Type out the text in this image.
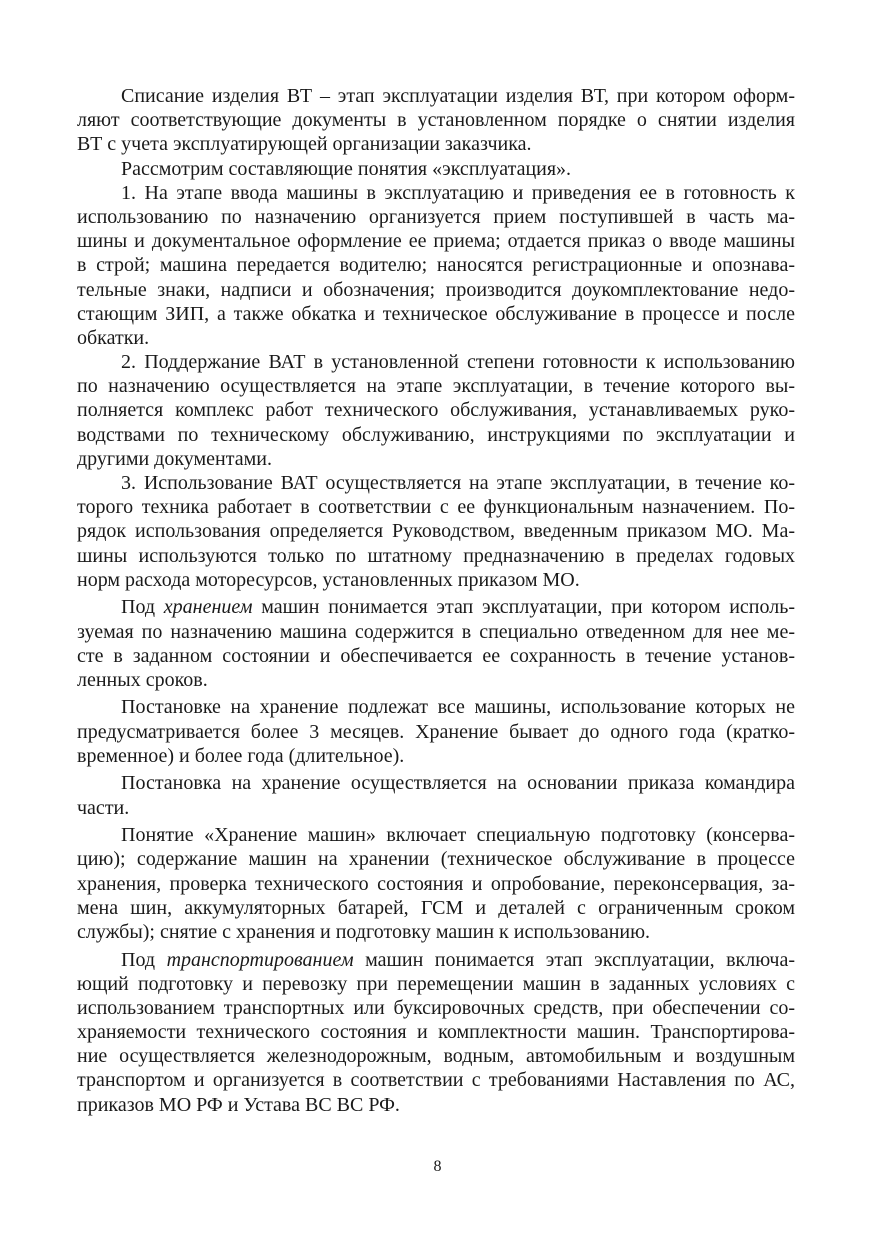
Списание изделия ВТ – этап эксплуатации изделия ВТ, при котором оформ-
ляют соответствующие документы в установленном порядке о снятии изделия
ВТ с учета эксплуатирующей организации заказчика.
Рассмотрим составляющие понятия «эксплуатация».
1. На этапе ввода машины в эксплуатацию и приведения ее в готовность к
использованию по назначению организуется прием поступившей в часть ма-
шины и документальное оформление ее приема; отдается приказ о вводе машины
в строй; машина передается водителю; наносятся регистрационные и опознава-
тельные знаки, надписи и обозначения; производится доукомплектование недо-
стающим ЗИП, а также обкатка и техническое обслуживание в процессе и после
обкатки.
2. Поддержание ВАТ в установленной степени готовности к использованию
по назначению осуществляется на этапе эксплуатации, в течение которого вы-
полняется комплекс работ технического обслуживания, устанавливаемых руко-
водствами по техническому обслуживанию, инструкциями по эксплуатации и
другими документами.
3. Использование ВАТ осуществляется на этапе эксплуатации, в течение ко-
торого техника работает в соответствии с ее функциональным назначением. По-
рядок использования определяется Руководством, введенным приказом МО. Ма-
шины используются только по штатному предназначению в пределах годовых
норм расхода моторесурсов, установленных приказом МО.
Под хранением машин понимается этап эксплуатации, при котором исполь-
зуемая по назначению машина содержится в специально отведенном для нее ме-
сте в заданном состоянии и обеспечивается ее сохранность в течение установ-
ленных сроков.
Постановке на хранение подлежат все машины, использование которых не
предусматривается более 3 месяцев. Хранение бывает до одного года (кратко-
временное) и более года (длительное).
Постановка на хранение осуществляется на основании приказа командира
части.
Понятие «Хранение машин» включает специальную подготовку (консерва-
цию); содержание машин на хранении (техническое обслуживание в процессе
хранения, проверка технического состояния и опробование, переконсервация, за-
мена шин, аккумуляторных батарей, ГСМ и деталей с ограниченным сроком
службы); снятие с хранения и подготовку машин к использованию.
Под транспортированием машин понимается этап эксплуатации, включа-
ющий подготовку и перевозку при перемещении машин в заданных условиях с
использованием транспортных или буксировочных средств, при обеспечении со-
храняемости технического состояния и комплектности машин. Транспортирова-
ние осуществляется железнодорожным, водным, автомобильным и воздушным
транспортом и организуется в соответствии с требованиями Наставления по АС,
приказов МО РФ и Устава ВС ВС РФ.
8
